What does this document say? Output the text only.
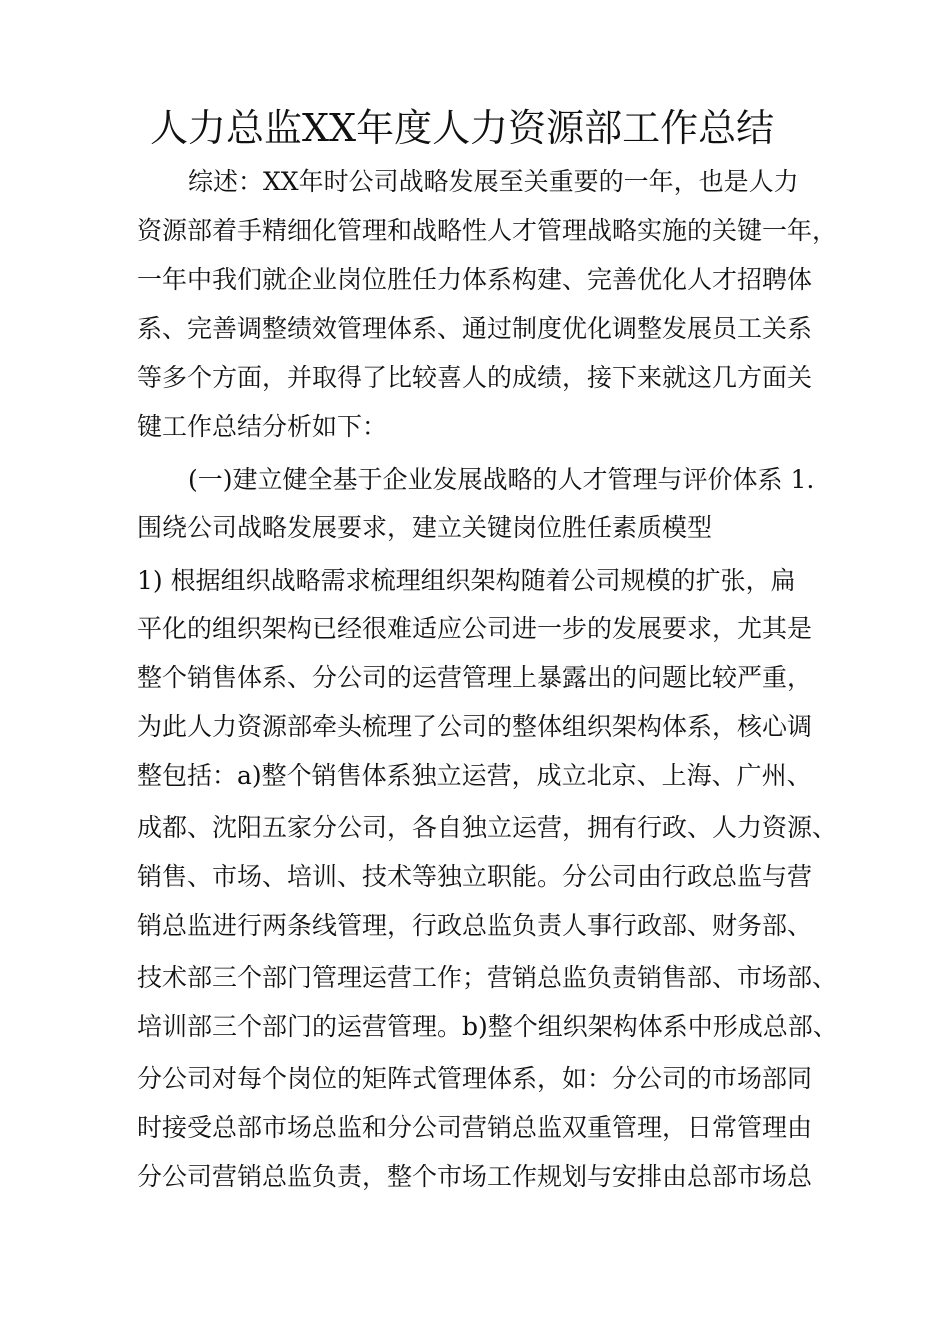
人力总监XX年度人力资源部工作总结
综述：XX年时公司战略发展至关重要的一年，也是人力
资源部着手精细化管理和战略性人才管理战略实施的关键一年，
一年中我们就企业岗位胜任力体系构建、完善优化人才招聘体
系、完善调整绩效管理体系、通过制度优化调整发展员工关系
等多个方面，并取得了比较喜人的成绩，接下来就这几方面关
键工作总结分析如下：
(一)建立健全基于企业发展战略的人才管理与评价体系 1.
围绕公司战略发展要求，建立关键岗位胜任素质模型
1) 根据组织战略需求梳理组织架构随着公司规模的扩张，扁
平化的组织架构已经很难适应公司进一步的发展要求，尤其是
整个销售体系、分公司的运营管理上暴露出的问题比较严重，
为此人力资源部牵头梳理了公司的整体组织架构体系，核心调
整包括：a)整个销售体系独立运营，成立北京、上海、广州、
成都、沈阳五家分公司，各自独立运营，拥有行政、人力资源、
销售、市场、培训、技术等独立职能。分公司由行政总监与营
销总监进行两条线管理，行政总监负责人事行政部、财务部、
技术部三个部门管理运营工作；营销总监负责销售部、市场部、
培训部三个部门的运营管理。b)整个组织架构体系中形成总部、
分公司对每个岗位的矩阵式管理体系，如：分公司的市场部同
时接受总部市场总监和分公司营销总监双重管理，日常管理由
分公司营销总监负责，整个市场工作规划与安排由总部市场总
